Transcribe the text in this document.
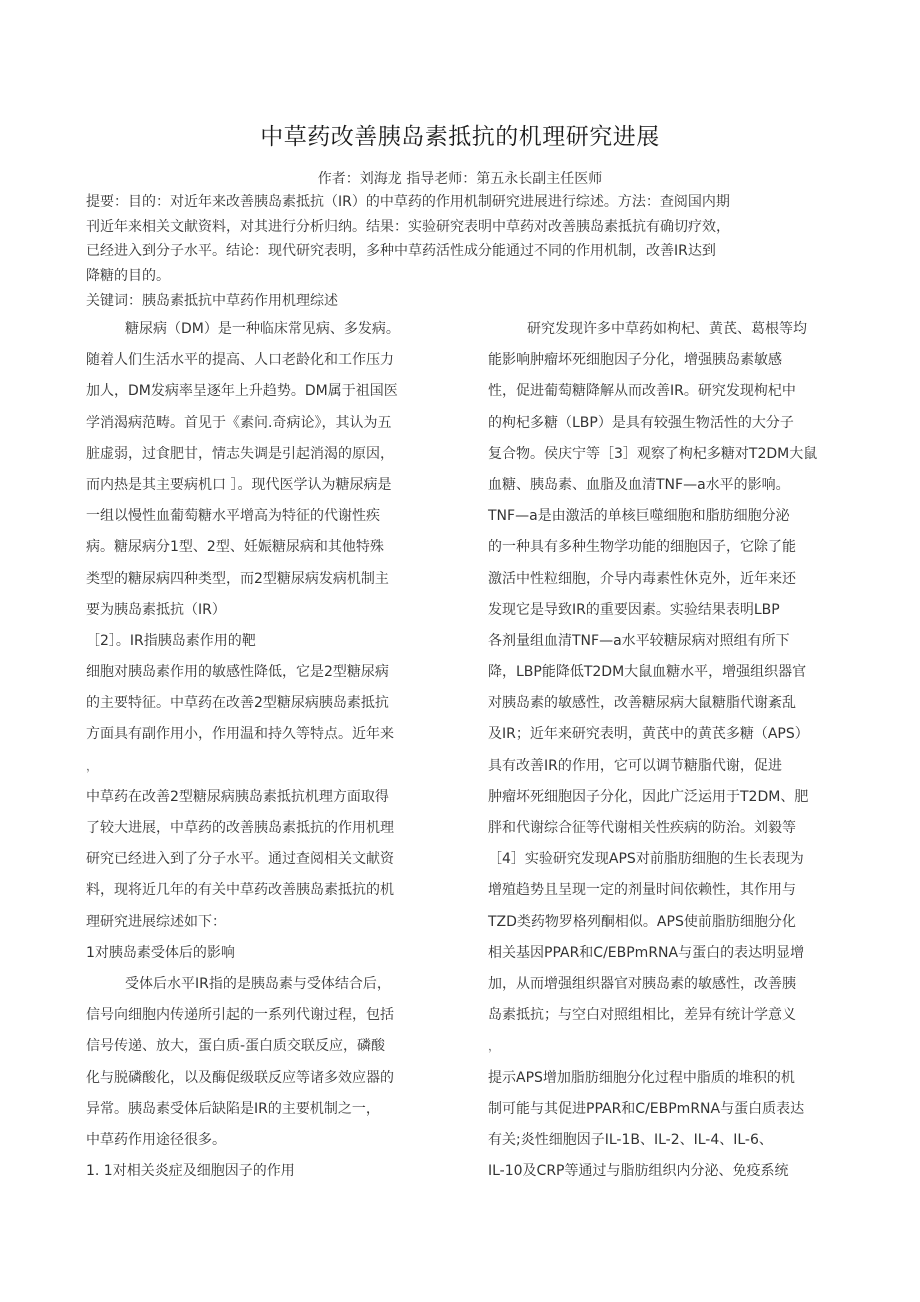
中草药改善胰岛素抵抗的机理研究进展
作者：刘海龙 指导老师：第五永长副主任医师
提要：目的：对近年来改善胰岛素抵抗（IR）的中草药的作用机制研究进展进行综述。方法：查阅国内期
刊近年来相关文献资料，对其进行分析归纳。结果：实验研究表明中草药对改善胰岛素抵抗有确切疗效，
已经进入到分子水平。结论：现代研究表明，多种中草药活性成分能通过不同的作用机制，改善IR达到
降糖的目的。
关键词：胰岛素抵抗中草药作用机理综述
糖尿病（DM）是一种临床常见病、多发病。
随着人们生活水平的提高、人口老龄化和工作压力
加人，DM发病率呈逐年上升趋势。DM属于祖国医
学消渴病范畴。首见于《素问.奇病论》，其认为五
脏虚弱，过食肥甘，情志失调是引起消渴的原因，
而内热是其主要病机口 ］。现代医学认为糖尿病是
一组以慢性血葡萄糖水平增高为特征的代谢性疾
病。糖尿病分1型、2型、妊娠糖尿病和其他特殊
类型的糖尿病四种类型，而2型糖尿病发病机制主
要为胰岛素抵抗（IR）
［2］。IR指胰岛素作用的靶
细胞对胰岛素作用的敏感性降低，它是2型糖尿病
的主要特征。中草药在改善2型糖尿病胰岛素抵抗
方面具有副作用小，作用温和持久等特点。近年来
，
中草药在改善2型糖尿病胰岛素抵抗机理方面取得
了较大进展，中草药的改善胰岛素抵抗的作用机理
研究已经进入到了分子水平。通过查阅相关文献资
料，现将近几年的有关中草药改善胰岛素抵抗的机
理研究进展综述如下：
1对胰岛素受体后的影响
受体后水平IR指的是胰岛素与受体结合后，
信号向细胞内传递所引起的一系列代谢过程，包括
信号传递、放大，蛋白质-蛋白质交联反应，磷酸
化与脱磷酸化，以及酶促级联反应等诸多效应器的
异常。胰岛素受体后缺陷是IR的主要机制之一，
中草药作用途径很多。
1. 1对相关炎症及细胞因子的作用
研究发现许多中草药如枸杞、黄芪、葛根等均
能影响肿瘤坏死细胞因子分化，增强胰岛素敏感
性，促进葡萄糖降解从而改善IR。研究发现枸杞中
的枸杞多糖（LBP）是具有较强生物活性的大分子
复合物。侯庆宁等［3］观察了枸杞多糖对T2DM大鼠
血糖、胰岛素、血脂及血清TNF—a水平的影响。
TNF—a是由激活的单核巨噬细胞和脂肪细胞分泌
的一种具有多种生物学功能的细胞因子，它除了能
激活中性粒细胞，介导内毒素性休克外，近年来还
发现它是导致IR的重要因素。实验结果表明LBP
各剂量组血清TNF—a水平较糖尿病对照组有所下
降，LBP能降低T2DM大鼠血糖水平，增强组织器官
对胰岛素的敏感性，改善糖尿病大鼠糖脂代谢紊乱
及IR；近年来研究表明，黄芪中的黄芪多糖（APS）
具有改善IR的作用，它可以调节糖脂代谢，促进
肿瘤坏死细胞因子分化，因此广泛运用于T2DM、肥
胖和代谢综合征等代谢相关性疾病的防治。刘毅等
［4］实验研究发现APS对前脂肪细胞的生长表现为
增殖趋势且呈现一定的剂量时间依赖性，其作用与
TZD类药物罗格列酮相似。APS使前脂肪细胞分化
相关基因PPAR和C/EBPmRNA与蛋白的表达明显增
加，从而增强组织器官对胰岛素的敏感性，改善胰
岛素抵抗；与空白对照组相比，差异有统计学意义
，
提示APS增加脂肪细胞分化过程中脂质的堆积的机
制可能与其促进PPAR和C/EBPmRNA与蛋白质表达
有关;炎性细胞因子IL-1B、IL-2、IL-4、IL-6、
IL-10及CRP等通过与脂肪组织内分泌、免疫系统
